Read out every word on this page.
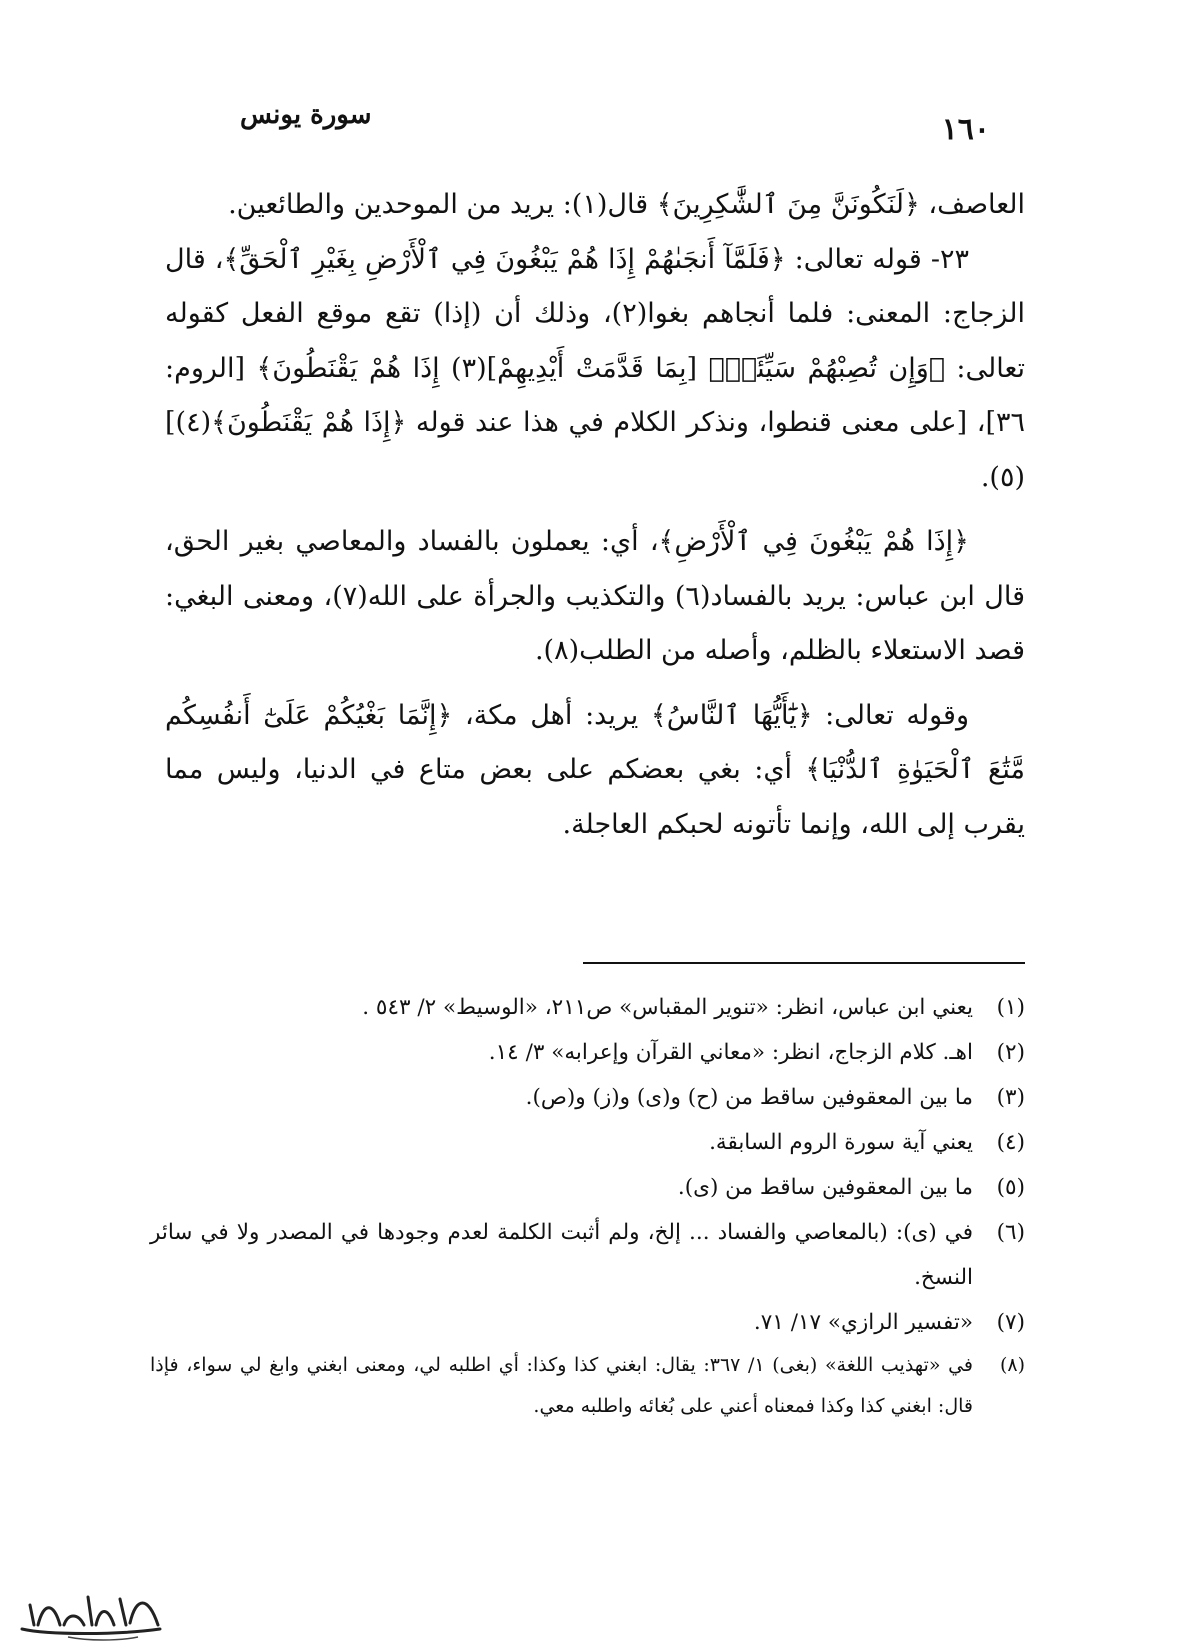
١٦٠
سورة يونس

العاصف، ﴿لَنَكُونَنَّ مِنَ ٱلشَّٰكِرِينَ﴾ قال(١): يريد من الموحدين والطائعين.

٢٣- قوله تعالى: ﴿فَلَمَّآ أَنجَىٰهُمْ إِذَا هُمْ يَبْغُونَ فِي ٱلْأَرْضِ بِغَيْرِ ٱلْحَقِّ﴾، قال الزجاج: المعنى: فلما أنجاهم بغوا(٢)، وذلك أن (إذا) تقع موقع الفعل كقوله تعالى: ﴿وَإِن تُصِبْهُمْ سَيِّئَةٌۢ [بِمَا قَدَّمَتْ أَيْدِيهِمْ](٣) إِذَا هُمْ يَقْنَطُونَ﴾ [الروم: ٣٦]، [على معنى قنطوا، ونذكر الكلام في هذا عند قوله ﴿إِذَا هُمْ يَقْنَطُونَ﴾(٤)](٥).

﴿إِذَا هُمْ يَبْغُونَ فِي ٱلْأَرْضِ﴾، أي: يعملون بالفساد والمعاصي بغير الحق، قال ابن عباس: يريد بالفساد(٦) والتكذيب والجرأة على الله(٧)، ومعنى البغي: قصد الاستعلاء بالظلم، وأصله من الطلب(٨).

وقوله تعالى: ﴿يَٰٓأَيُّهَا ٱلنَّاسُ﴾ يريد: أهل مكة، ﴿إِنَّمَا بَغْيُكُمْ عَلَىٰٓ أَنفُسِكُم مَّتَٰعَ ٱلْحَيَوٰةِ ٱلدُّنْيَا﴾ أي: بغي بعضكم على بعض متاع في الدنيا، وليس مما يقرب إلى الله، وإنما تأتونه لحبكم العاجلة.

(١)
يعني ابن عباس، انظر: «تنوير المقباس» ص٢١١، «الوسيط» ٢/ ٥٤٣ .
(٢)
اهـ. كلام الزجاج، انظر: «معاني القرآن وإعرابه» ٣/ ١٤.
(٣)
ما بين المعقوفين ساقط من (ح) و(ى) و(ز) و(ص).
(٤)
يعني آية سورة الروم السابقة.
(٥)
ما بين المعقوفين ساقط من (ى).
(٦)
في (ى): (بالمعاصي والفساد ... إلخ، ولم أثبت الكلمة لعدم وجودها في المصدر ولا في سائر النسخ.
(٧)
«تفسير الرازي» ١٧/ ٧١.
(٨)
في «تهذيب اللغة» (بغى) ١/ ٣٦٧: يقال: ابغني كذا وكذا: أي اطلبه لي، ومعنى ابغني وابغ لي سواء، فإذا قال: ابغني كذا وكذا فمعناه أعني على بُغائه واطلبه معي.
